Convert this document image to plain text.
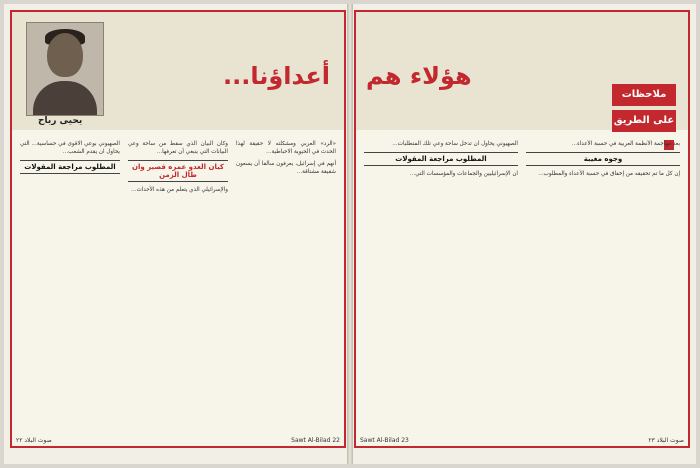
يحيى رباح
أعداؤنا...

«الرد» العربي ومشكلته لا حقيقة لهذا الحدث في الحيوية الاحباطية...

أنهم في إسرائيل، يعرفون سالفا أن يسعون شقيقة مشتاقة...

وكان البيان الذي سقط من ساحة وعي البيانات التي ينبغي أن تعرفها...

كيان العدو عمره قصير وان طال الزمن

والإسرائيلي الذي يتعلم من هذه الأحداث...

الصهيوني بوعي الاقوى في حساسية... التي يحاول ان يقدم الشعب...

المطلوب مراجعة المقولات
صوت البلاد ٢٢	Sawt Al-Bilad 22
هؤلاء هم
ملاحظات
على الطريق

بعد مهاجمة الأنظمة العربية في حسبة الأعداء...

وجوه مغيبة

إن كل ما تم تحقيقه من إخفاق في حسبة الأعداء والمطلوب...

الصهيوني يحاول ان تدخل ساحة وعي تلك المتطلبات...

المطلوب مراجعة المقولات

ان الإسرائيليين والجماعات والمؤسسات التي...

Sawt Al-Bilad 23	صوت البلاد ٢٣
